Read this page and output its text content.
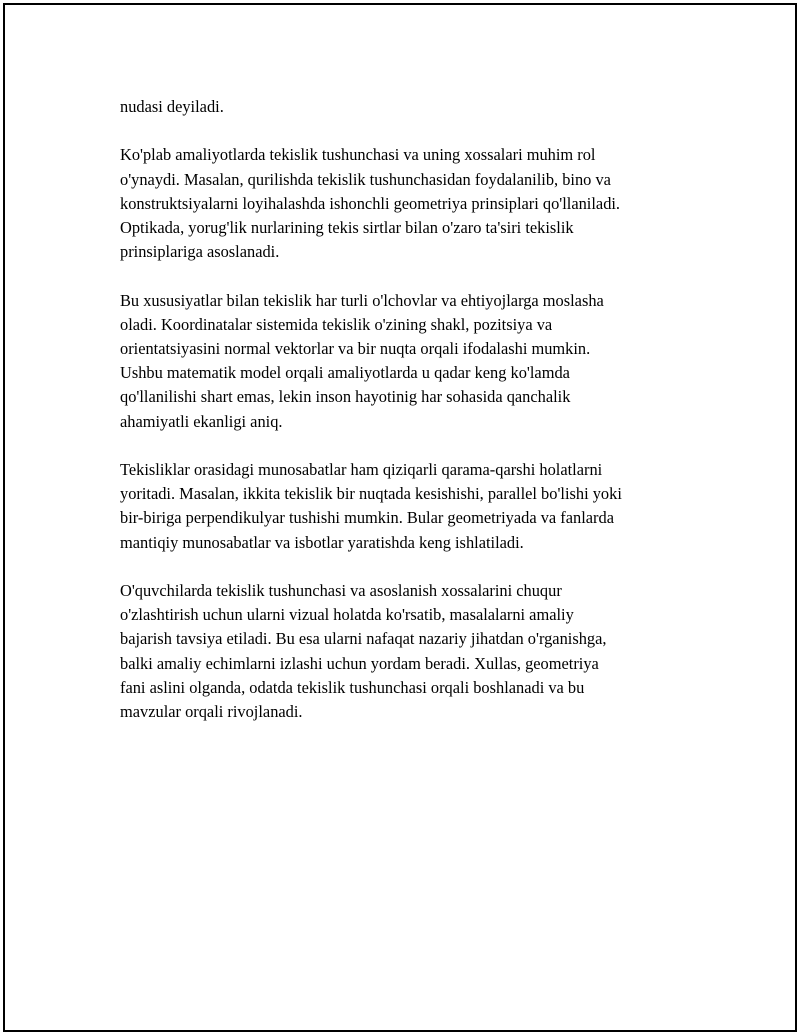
nudasi deyiladi.

Ko'plab amaliyotlarda tekislik tushunchasi va uning xossalari muhim rol
o'ynaydi. Masalan, qurilishda tekislik tushunchasidan foydalanilib, bino va
konstruktsiyalarni loyihalashda ishonchli geometriya prinsiplari qo'llaniladi.
Optikada, yorug'lik nurlarining tekis sirtlar bilan o'zaro ta'siri tekislik
prinsiplariga asoslanadi.

Bu xususiyatlar bilan tekislik har turli o'lchovlar va ehtiyojlarga moslasha
oladi. Koordinatalar sistemida tekislik o'zining shakl, pozitsiya va
orientatsiyasini normal vektorlar va bir nuqta orqali ifodalashi mumkin.
Ushbu matematik model orqali amaliyotlarda u qadar keng ko'lamda
qo'llanilishi shart emas, lekin inson hayotinig har sohasida qanchalik
ahamiyatli ekanligi aniq.

Tekisliklar orasidagi munosabatlar ham qiziqarli qarama-qarshi holatlarni
yoritadi. Masalan, ikkita tekislik bir nuqtada kesishishi, parallel bo'lishi yoki
bir-biriga perpendikulyar tushishi mumkin. Bular geometriyada va fanlarda
mantiqiy munosabatlar va isbotlar yaratishda keng ishlatiladi.

O'quvchilarda tekislik tushunchasi va asoslanish xossalarini chuqur
o'zlashtirish uchun ularni vizual holatda ko'rsatib, masalalarni amaliy
bajarish tavsiya etiladi. Bu esa ularni nafaqat nazariy jihatdan o'rganishga,
balki amaliy echimlarni izlashi uchun yordam beradi. Xullas, geometriya
fani aslini olganda, odatda tekislik tushunchasi orqali boshlanadi va bu
mavzular orqali rivojlanadi.
